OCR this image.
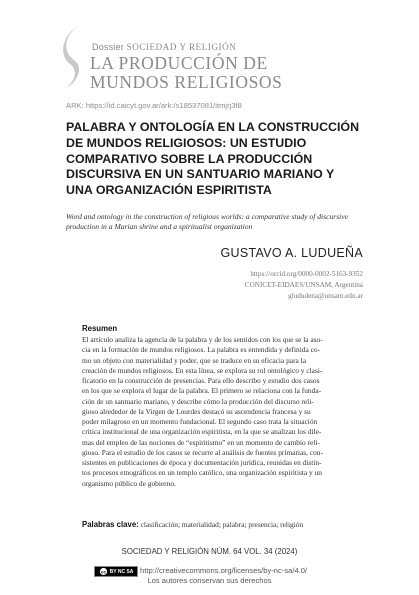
Dossier SOCIEDAD Y RELIGIÓN
LA PRODUCCIÓN DE
MUNDOS RELIGIOSOS
ARK: https://id.caicyt.gov.ar/ark:/s18537081/itmjrj3f8
PALABRA Y ONTOLOGÍA EN LA CONSTRUCCIÓN
DE MUNDOS RELIGIOSOS: UN ESTUDIO
COMPARATIVO SOBRE LA PRODUCCIÓN
DISCURSIVA EN UN SANTUARIO MARIANO Y
UNA ORGANIZACIÓN ESPIRITISTA
Word and ontology in the construction of religious worlds: a comparative study of discursive
production in a Marian shrine and a spiritualist organization
GUSTAVO A. LUDUEÑA
https://orcid.org/0000-0002-5163-9352
CONICET-EIDAES/UNSAM, Argentina
glududena@unsam.edu.ar
Resumen

El artículo analiza la agencia de la palabra y de los sentidos con los que se la aso-
cia en la formación de mundos religiosos. La palabra es entendida y definida co-
mo un objeto con materialidad y poder, que se traduce en su eficacia para la
creación de mundos religiosos. En esta línea, se explora su rol ontológico y clasi-
ficatorio en la construcción de presencias. Para ello describo y estudio dos casos
en los que se explora el lugar de la palabra. El primero se relaciona con la funda-
ción de un santuario mariano, y describe cómo la producción del discurso reli-
gioso alrededor de la Virgen de Lourdes destacó su ascendencia francesa y su
poder milagroso en un momento fundacional. El segundo caso trata la situación
crítica institucional de una organización espiritista, en la que se analizan los dile-
mas del empleo de las nociones de “espiritismo” en un momento de cambio reli-
gioso. Para el estudio de los casos se recurre al análisis de fuentes primarias, con-
sistentes en publicaciones de época y documentación jurídica, reunidas en distin-
tos procesos etnográficos en un templo católico, una organización espiritista y un
organismo público de gobierno.

Palabras clave: clasificación; materialidad; palabra; presencia; religión
SOCIEDAD Y RELIGIÓN NÚM. 64 VOL. 34 (2024)
cc BY NC SA http://creativecommons.org/licenses/by-nc-sa/4.0/
Los autores conservan sus derechos
